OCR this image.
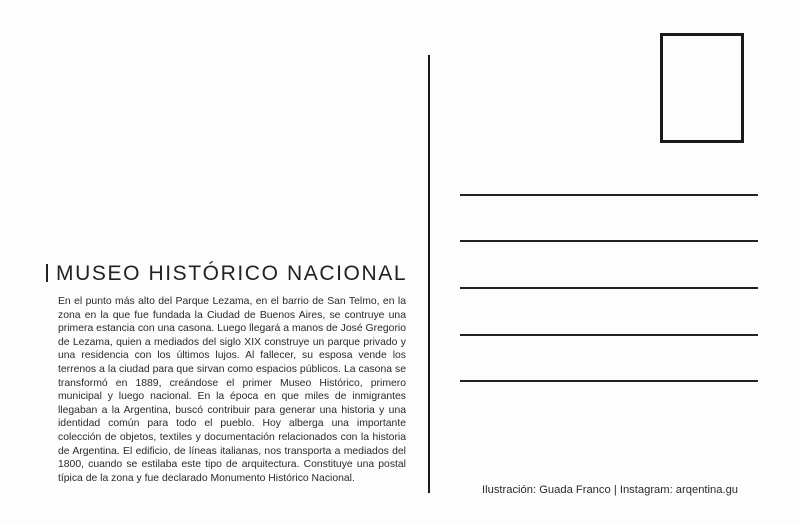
MUSEO HISTÓRICO NACIONAL

En el punto más alto del Parque Lezama, en el barrio de San Telmo, en la zona en la que fue fundada la Ciudad de Buenos Aires, se contruye una primera estancia con una casona. Luego llegará a manos de José Gregorio de Lezama, quien a mediados del siglo XIX construye un parque privado y una residencia con los últimos lujos. Al fallecer, su esposa vende los terrenos a la ciudad para que sirvan como espacios públicos. La casona se transformó en 1889, creándose el primer Museo Histórico, primero municipal y luego nacional. En la época en que miles de inmigrantes llegaban a la Argentina, buscó contribuir para generar una historia y una identidad común para todo el pueblo. Hoy alberga una importante colección de objetos, textiles y documentación relacionados con la historia de Argentina. El edificio, de líneas italianas, nos transporta a mediados del 1800, cuando se estilaba este tipo de arquitectura. Constituye una postal típica de la zona y fue declarado Monumento Histórico Nacional.

Ilustración: Guada Franco | Instagram: arqentina.gu
